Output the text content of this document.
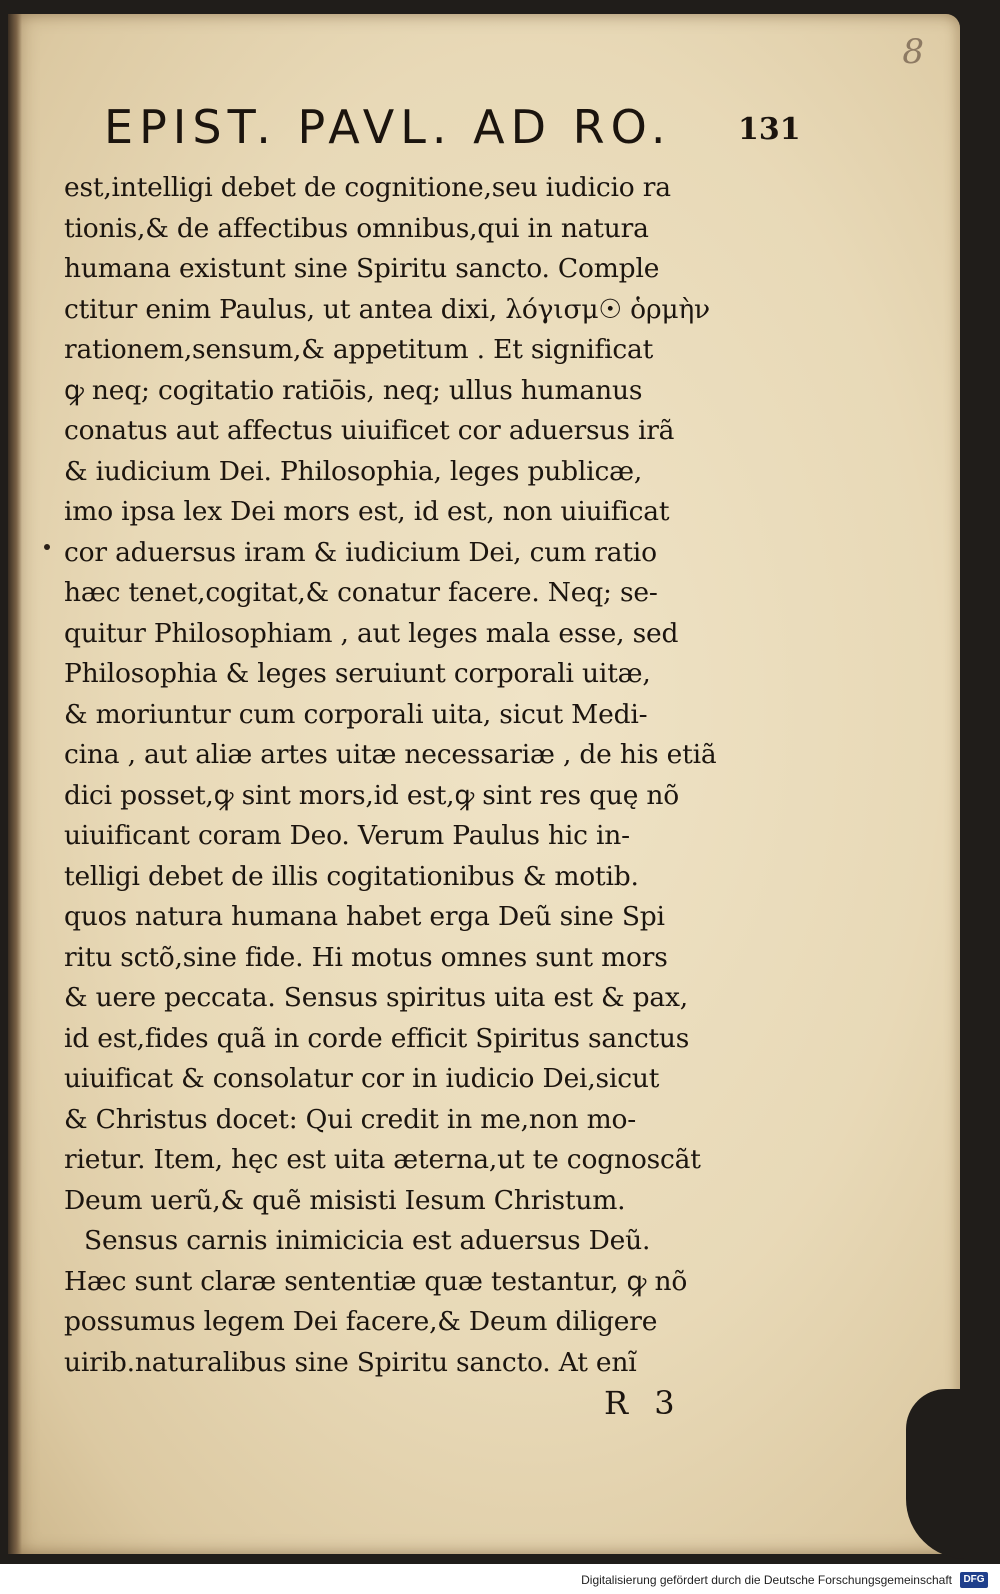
8
EPIST. PAVL. AD RO.	131
est,intelligi debet de cognitione,seu iudicio ra
tionis,& de affectibus omnibus,qui in natura
humana existunt sine Spiritu sancto. Comple
ctitur enim Paulus, ut antea dixi, λόγισμ☉ ὁρμὴν
rationem,sensum,& appetitum . Et significat
ꝙ neq; cogitatio ratiōis, neq; ullus humanus
conatus aut affectus uiuificet cor aduersus irã
& iudicium Dei. Philosophia, leges publicæ,
imo ipsa lex Dei mors est, id est, non uiuificat
cor aduersus iram & iudicium Dei, cum ratio
hæc tenet,cogitat,& conatur facere. Neq; se-
quitur Philosophiam , aut leges mala esse, sed
Philosophia & leges seruiunt corporali uitæ,
& moriuntur cum corporali uita, sicut Medi-
cina , aut aliæ artes uitæ necessariæ , de his etiã
dici posset,ꝙ sint mors,id est,ꝙ sint res quę nõ
uiuificant coram Deo. Verum Paulus hic in-
telligi debet de illis cogitationibus & motib.
quos natura humana habet erga Deũ sine Spi
ritu sctõ,sine fide. Hi motus omnes sunt mors
& uere peccata. Sensus spiritus uita est & pax,
id est,fides quã in corde efficit Spiritus sanctus
uiuificat & consolatur cor in iudicio Dei,sicut
& Christus docet: Qui credit in me,non mo-
rietur. Item, hęc est uita æterna,ut te cognoscãt
Deum uerũ,& quẽ misisti Iesum Christum.
Sensus carnis inimicicia est aduersus Deũ.
Hæc sunt claræ sententiæ quæ testantur, ꝙ nõ
possumus legem Dei facere,& Deum diligere
uirib.naturalibus sine Spiritu sancto. At enĩ
R 3
Digitalisierung gefördert durch die Deutsche Forschungsgemeinschaft	DFG
